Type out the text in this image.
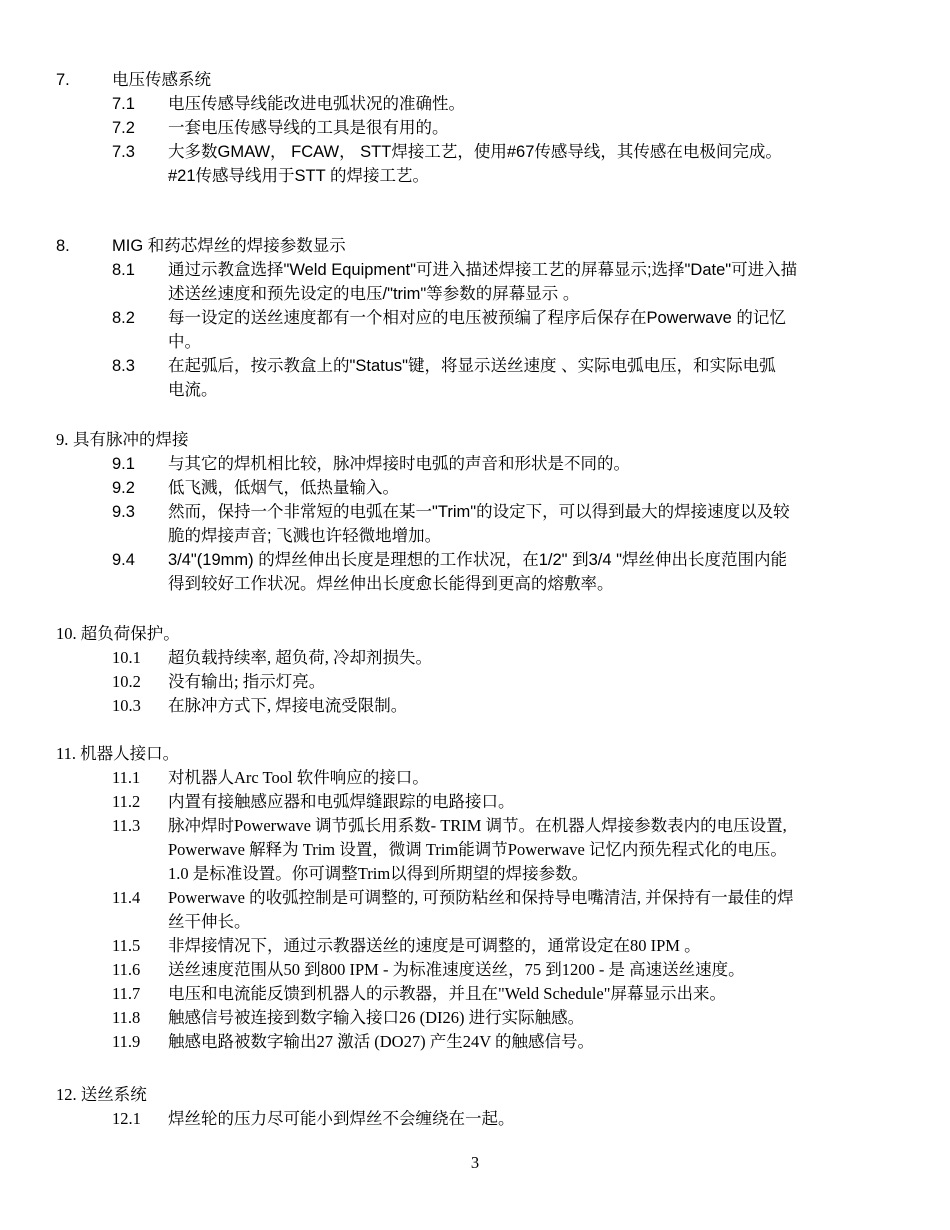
7.	电压传感系统
7.1 电压传感导线能改进电弧状况的准确性。
7.2 一套电压传感导线的工具是很有用的。
7.3 大多数GMAW， FCAW， STT焊接工艺，使用#67传感导线，其传感在电极间完成。
#21传感导线用于STT 的焊接工艺。
8.	MIG 和药芯焊丝的焊接参数显示
8.1 通过示教盒选择"Weld Equipment"可进入描述焊接工艺的屏幕显示;选择"Date"可进入描
述送丝速度和预先设定的电压/"trim"等参数的屏幕显示 。
8.2 每一设定的送丝速度都有一个相对应的电压被预编了程序后保存在Powerwave 的记忆
中。
8.3 在起弧后，按示教盒上的"Status"键，将显示送丝速度 、实际电弧电压，和实际电弧
电流。
9. 具有脉冲的焊接
9.1 与其它的焊机相比较，脉冲焊接时电弧的声音和形状是不同的。
9.2 低飞溅，低烟气，低热量输入。
9.3 然而，保持一个非常短的电弧在某一"Trim"的设定下，可以得到最大的焊接速度以及较
脆的焊接声音; 飞溅也许轻微地增加。
9.4 3/4"(19mm) 的焊丝伸出长度是理想的工作状况，在1/2" 到3/4 "焊丝伸出长度范围内能
得到较好工作状况。焊丝伸出长度愈长能得到更高的熔敷率。
10. 超负荷保护。
10.1 超负载持续率, 超负荷, 冷却剂损失。
10.2 没有输出; 指示灯亮。
10.3 在脉冲方式下, 焊接电流受限制。
11. 机器人接口。
11.1 对机器人Arc Tool 软件响应的接口。
11.2 内置有接触感应器和电弧焊缝跟踪的电路接口。
11.3 脉冲焊时Powerwave 调节弧长用系数- TRIM 调节。在机器人焊接参数表内的电压设置,
Powerwave 解释为 Trim 设置，微调 Trim能调节Powerwave 记忆内预先程式化的电压。
1.0 是标准设置。你可调整Trim以得到所期望的焊接参数。
11.4 Powerwave 的收弧控制是可调整的, 可预防粘丝和保持导电嘴清洁, 并保持有一最佳的焊
丝干伸长。
11.5 非焊接情况下，通过示教器送丝的速度是可调整的，通常设定在80 IPM 。
11.6 送丝速度范围从50 到800 IPM - 为标准速度送丝，75 到1200 - 是 高速送丝速度。
11.7 电压和电流能反馈到机器人的示教器，并且在"Weld Schedule"屏幕显示出来。
11.8 触感信号被连接到数字输入接口26 (DI26) 进行实际触感。
11.9 触感电路被数字输出27 激活 (DO27) 产生24V 的触感信号。
12. 送丝系统
12.1 焊丝轮的压力尽可能小到焊丝不会缠绕在一起。
3
